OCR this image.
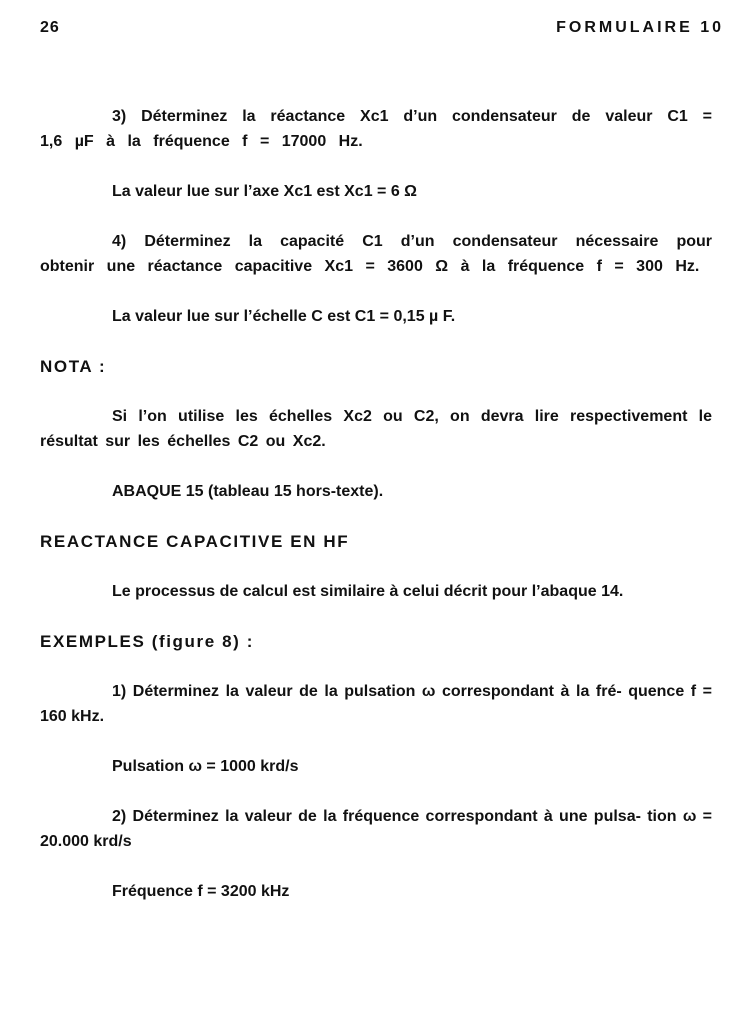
26	FORMULAIRE 10

3) Déterminez la réactance Xc1 d’un condensateur de valeur C1 = 1,6 µF à la fréquence f = 17000 Hz.

La valeur lue sur l’axe Xc1 est Xc1 = 6 Ω

4) Déterminez la capacité C1 d’un condensateur nécessaire pour obtenir une réactance capacitive Xc1 = 3600 Ω à la fréquence f = 300 Hz.

La valeur lue sur l’échelle C est C1 = 0,15 µ F.

NOTA :

Si l’on utilise les échelles Xc2 ou C2, on devra lire respectivement le résultat sur les échelles C2 ou Xc2.

ABAQUE 15 (tableau 15 hors-texte).

REACTANCE CAPACITIVE EN HF

Le processus de calcul est similaire à celui décrit pour l’abaque 14.

EXEMPLES (figure 8) :

1) Déterminez la valeur de la pulsation ω correspondant à la fré- quence f = 160 kHz.

Pulsation ω = 1000 krd/s

2) Déterminez la valeur de la fréquence correspondant à une pulsa- tion ω = 20.000 krd/s

Fréquence f = 3200 kHz
